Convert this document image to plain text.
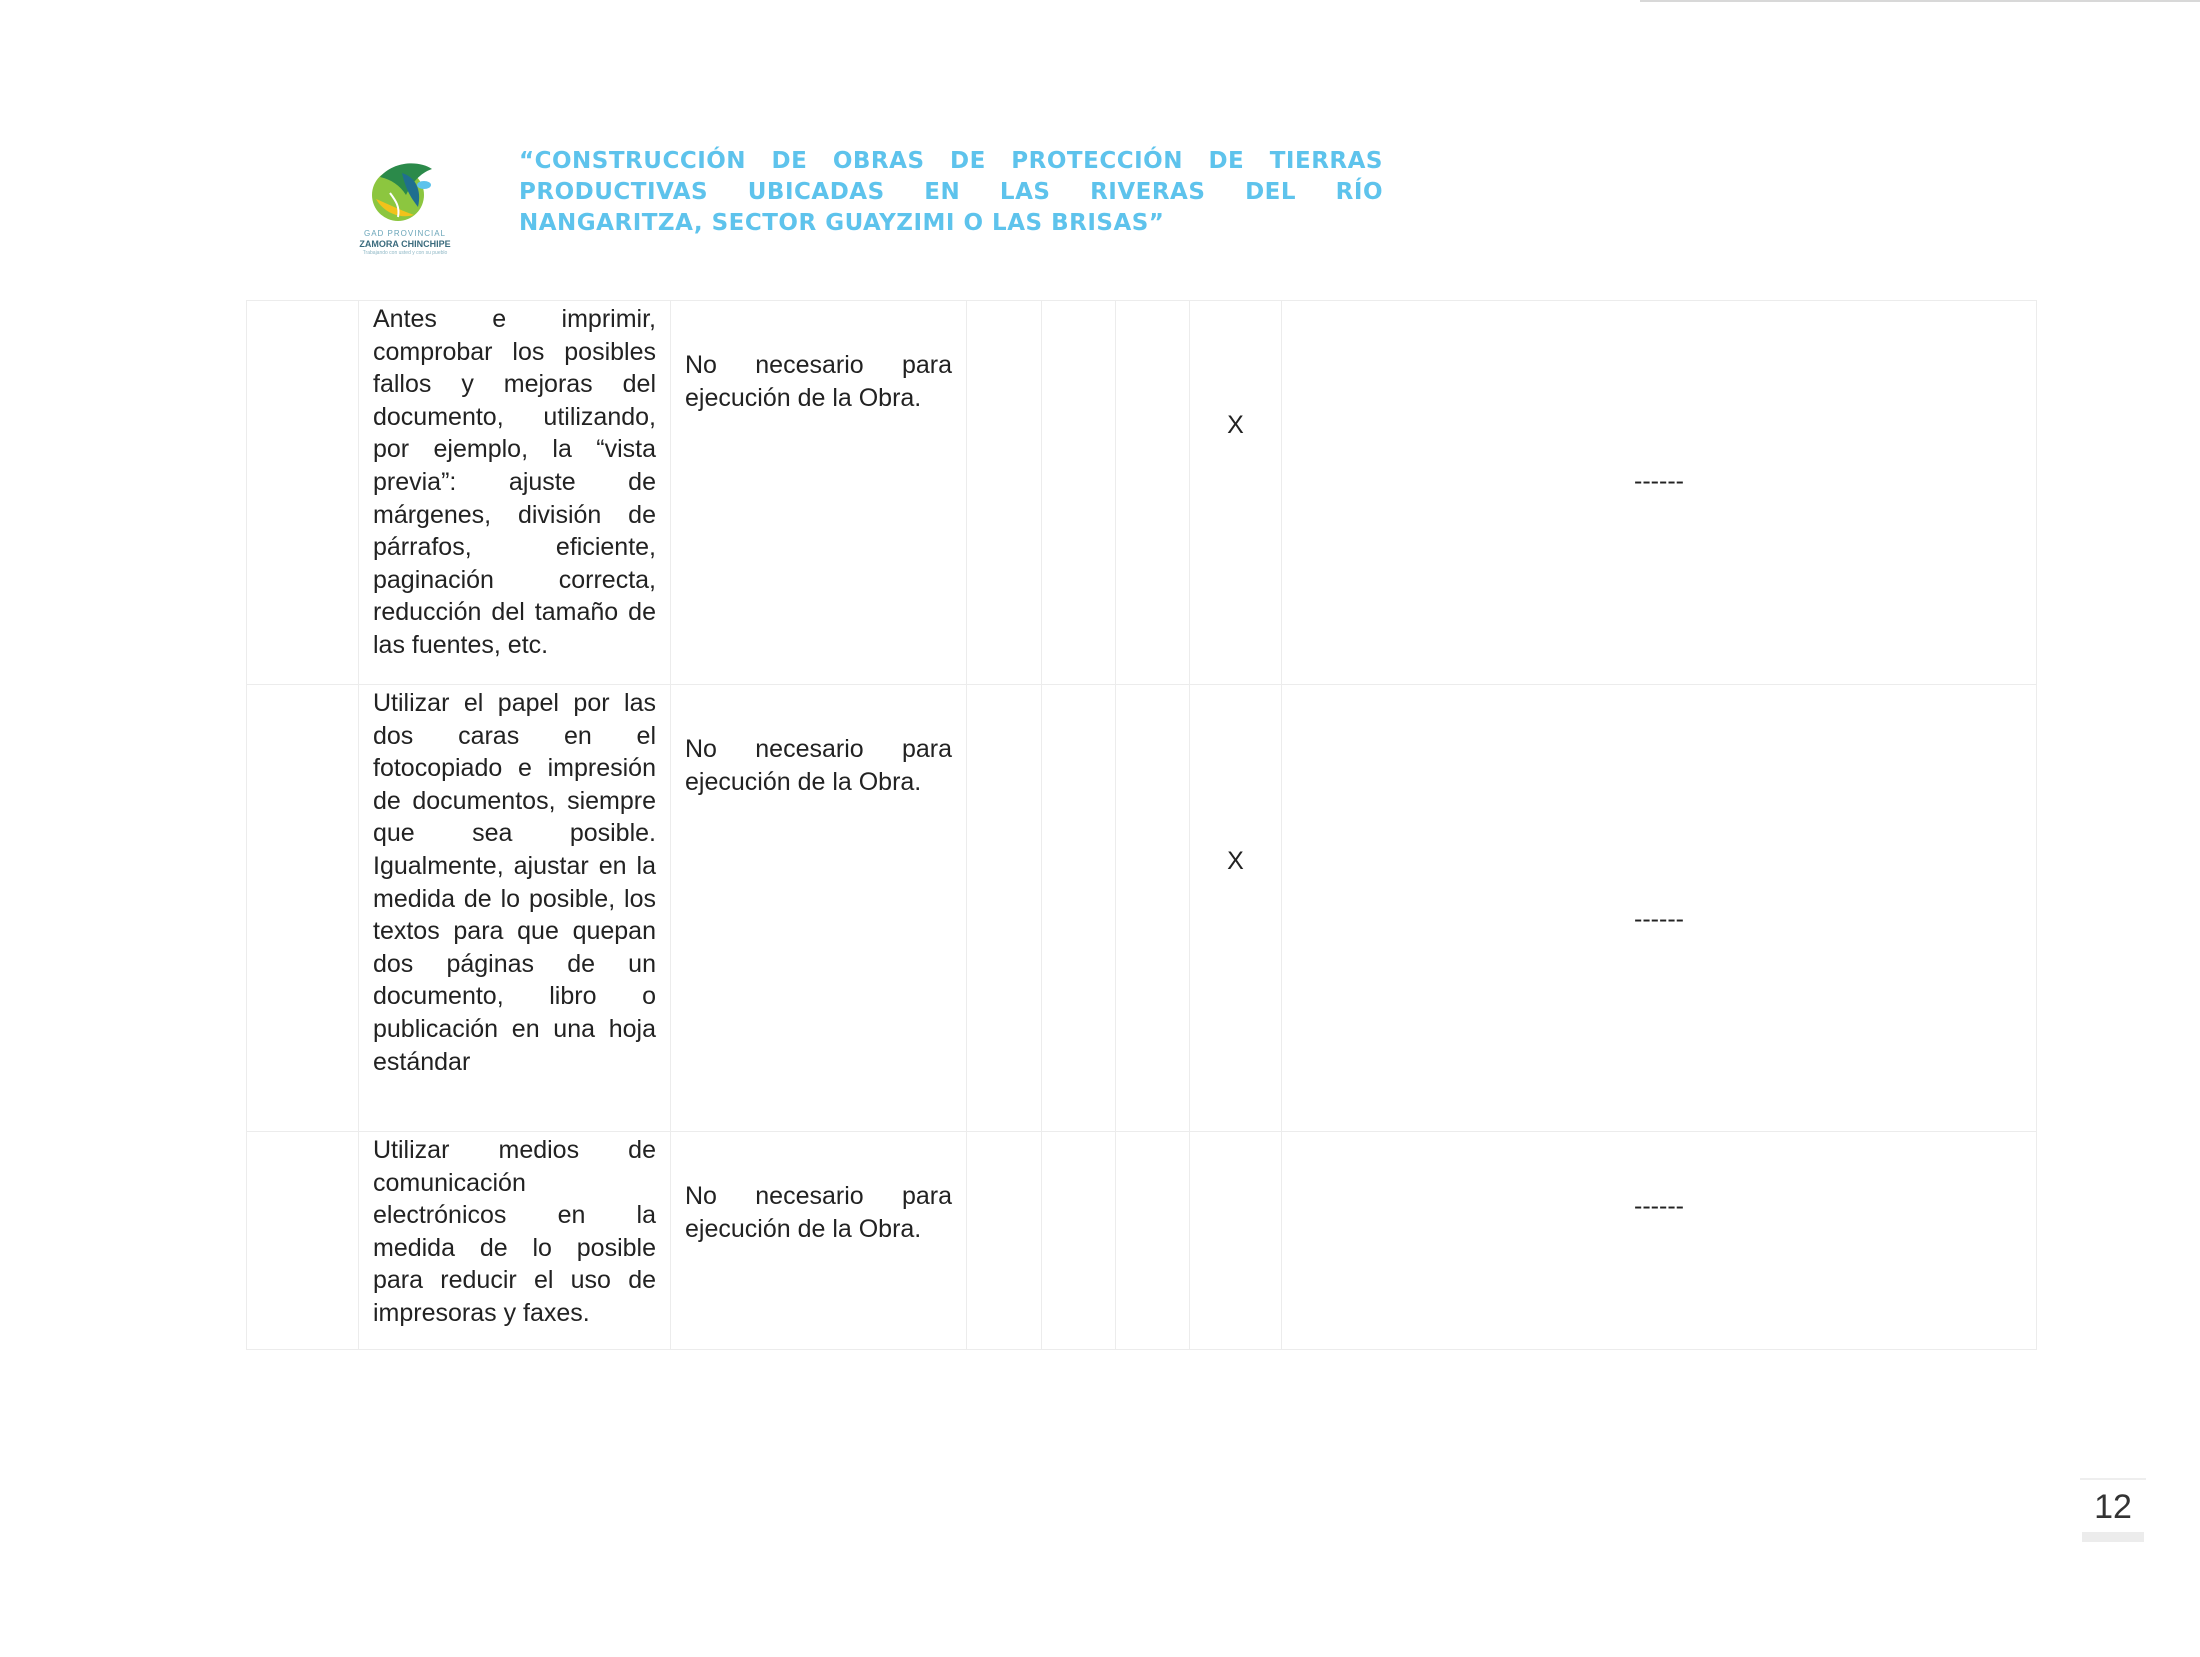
GAD PROVINCIAL
ZAMORA CHINCHIPE
Trabajando con usted y con su pueblo
“CONSTRUCCIÓN DE OBRAS DE PROTECCIÓN DE TIERRAS PRODUCTIVAS UBICADAS EN LAS RIVERAS DEL RÍO NANGARITZA, SECTOR GUAYZIMI O LAS BRISAS”
	Antes e imprimir, comprobar los posibles fallos y mejoras del documento, utilizando, por ejemplo, la “vista previa”: ajuste de márgenes, división de párrafos, eficiente, paginación correcta, reducción del tamaño de las fuentes, etc.	No necesario para ejecución de la Obra.				X	------

	Utilizar el papel por las dos caras en el fotocopiado e impresión de documentos, siempre que sea posible. Igualmente, ajustar en la medida de lo posible, los textos para que quepan dos páginas de un documento, libro o publicación en una hoja estándar	No necesario para ejecución de la Obra.				X	------

	Utilizar medios de comunicación electrónicos en la medida de lo posible para reducir el uso de impresoras y faxes.	No necesario para ejecución de la Obra.					------
12
